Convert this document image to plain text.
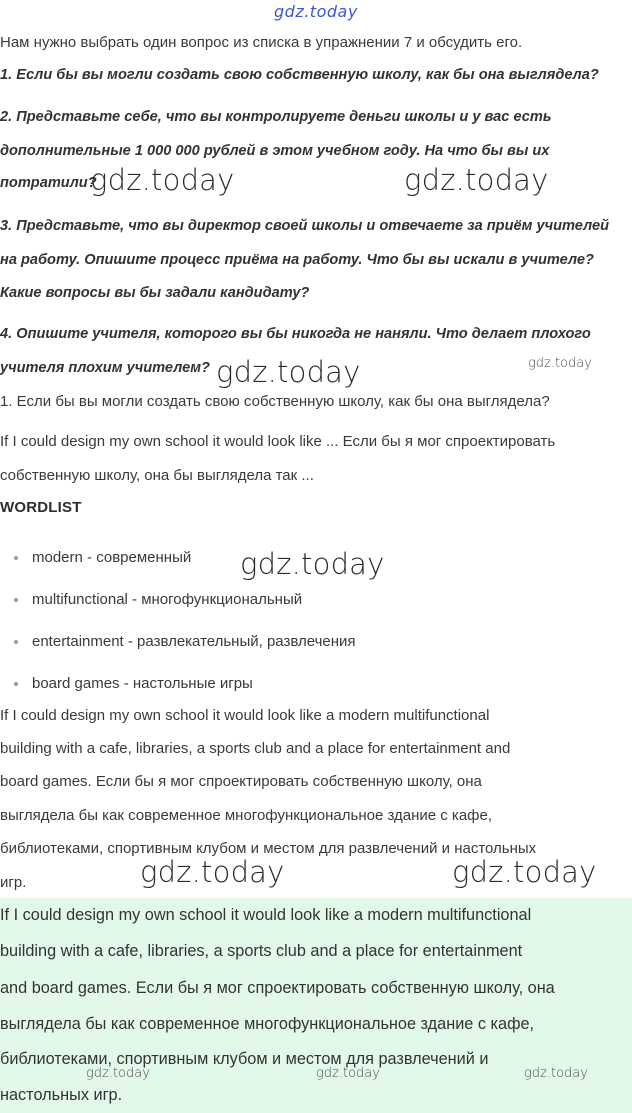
gdz.today
Нам нужно выбрать один вопрос из списка в упражнении 7 и обсудить его.
1. Если бы вы могли создать свою собственную школу, как бы она выглядела?
2. Представьте себе, что вы контролируете деньги школы и у вас есть
дополнительные 1 000 000 рублей в этом учебном году. На что бы вы их
потратили?
gdz.today	gdz.today
3. Представьте, что вы директор своей школы и отвечаете за приём учителей
на работу. Опишите процесс приёма на работу. Что бы вы искали в учителе?
Какие вопросы вы бы задали кандидату?
4. Опишите учителя, которого вы бы никогда не наняли. Что делает плохого
учителя плохим учителем? gdz.today	gdz.today
1. Если бы вы могли создать свою собственную школу, как бы она выглядела?
If I could design my own school it would look like ... Если бы я мог спроектировать
собственную школу, она бы выглядела так ...
WORDLIST
modern - современный gdz.today
multifunctional - многофункциональный
entertainment - развлекательный, развлечения
board games - настольные игры
If I could design my own school it would look like a modern multifunctional
building with a cafe, libraries, a sports club and a place for entertainment and
board games. Если бы я мог спроектировать собственную школу, она
выглядела бы как современное многофункциональное здание с кафе,
библиотеками, спортивным клубом и местом для развлечений и настольных
игр.	gdz.today	gdz.today
If I could design my own school it would look like a modern multifunctional
building with a cafe, libraries, a sports club and a place for entertainment
and board games. Если бы я мог спроектировать собственную школу, она
выглядела бы как современное многофункциональное здание с кафе,
библиотеками, спортивным клубом и местом для развлечений и
настольных игр.
gdz.today	gdz.today	gdz.today
